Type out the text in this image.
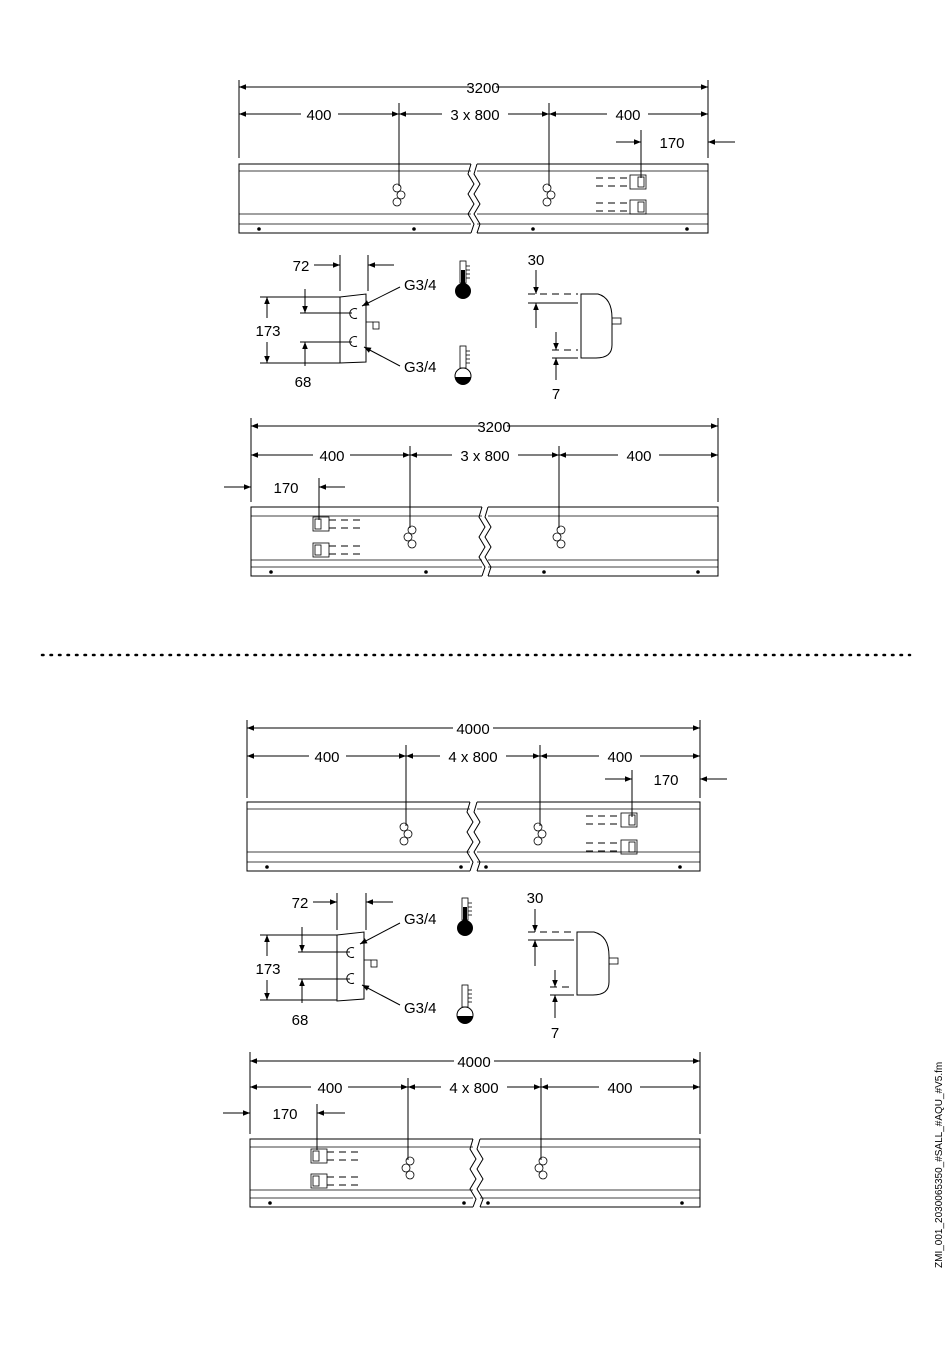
3200
400	3 x 800	400
170
72
G3/4
G3/4
173
68
30
7
3200
400	3 x 800	400
170
4000
400	4 x 800	400
170
72
G3/4
G3/4
173
68
30
7
4000
400	4 x 800	400
170	ZMI_001_2030065350_#SALL_#AQU_#V5.fm
